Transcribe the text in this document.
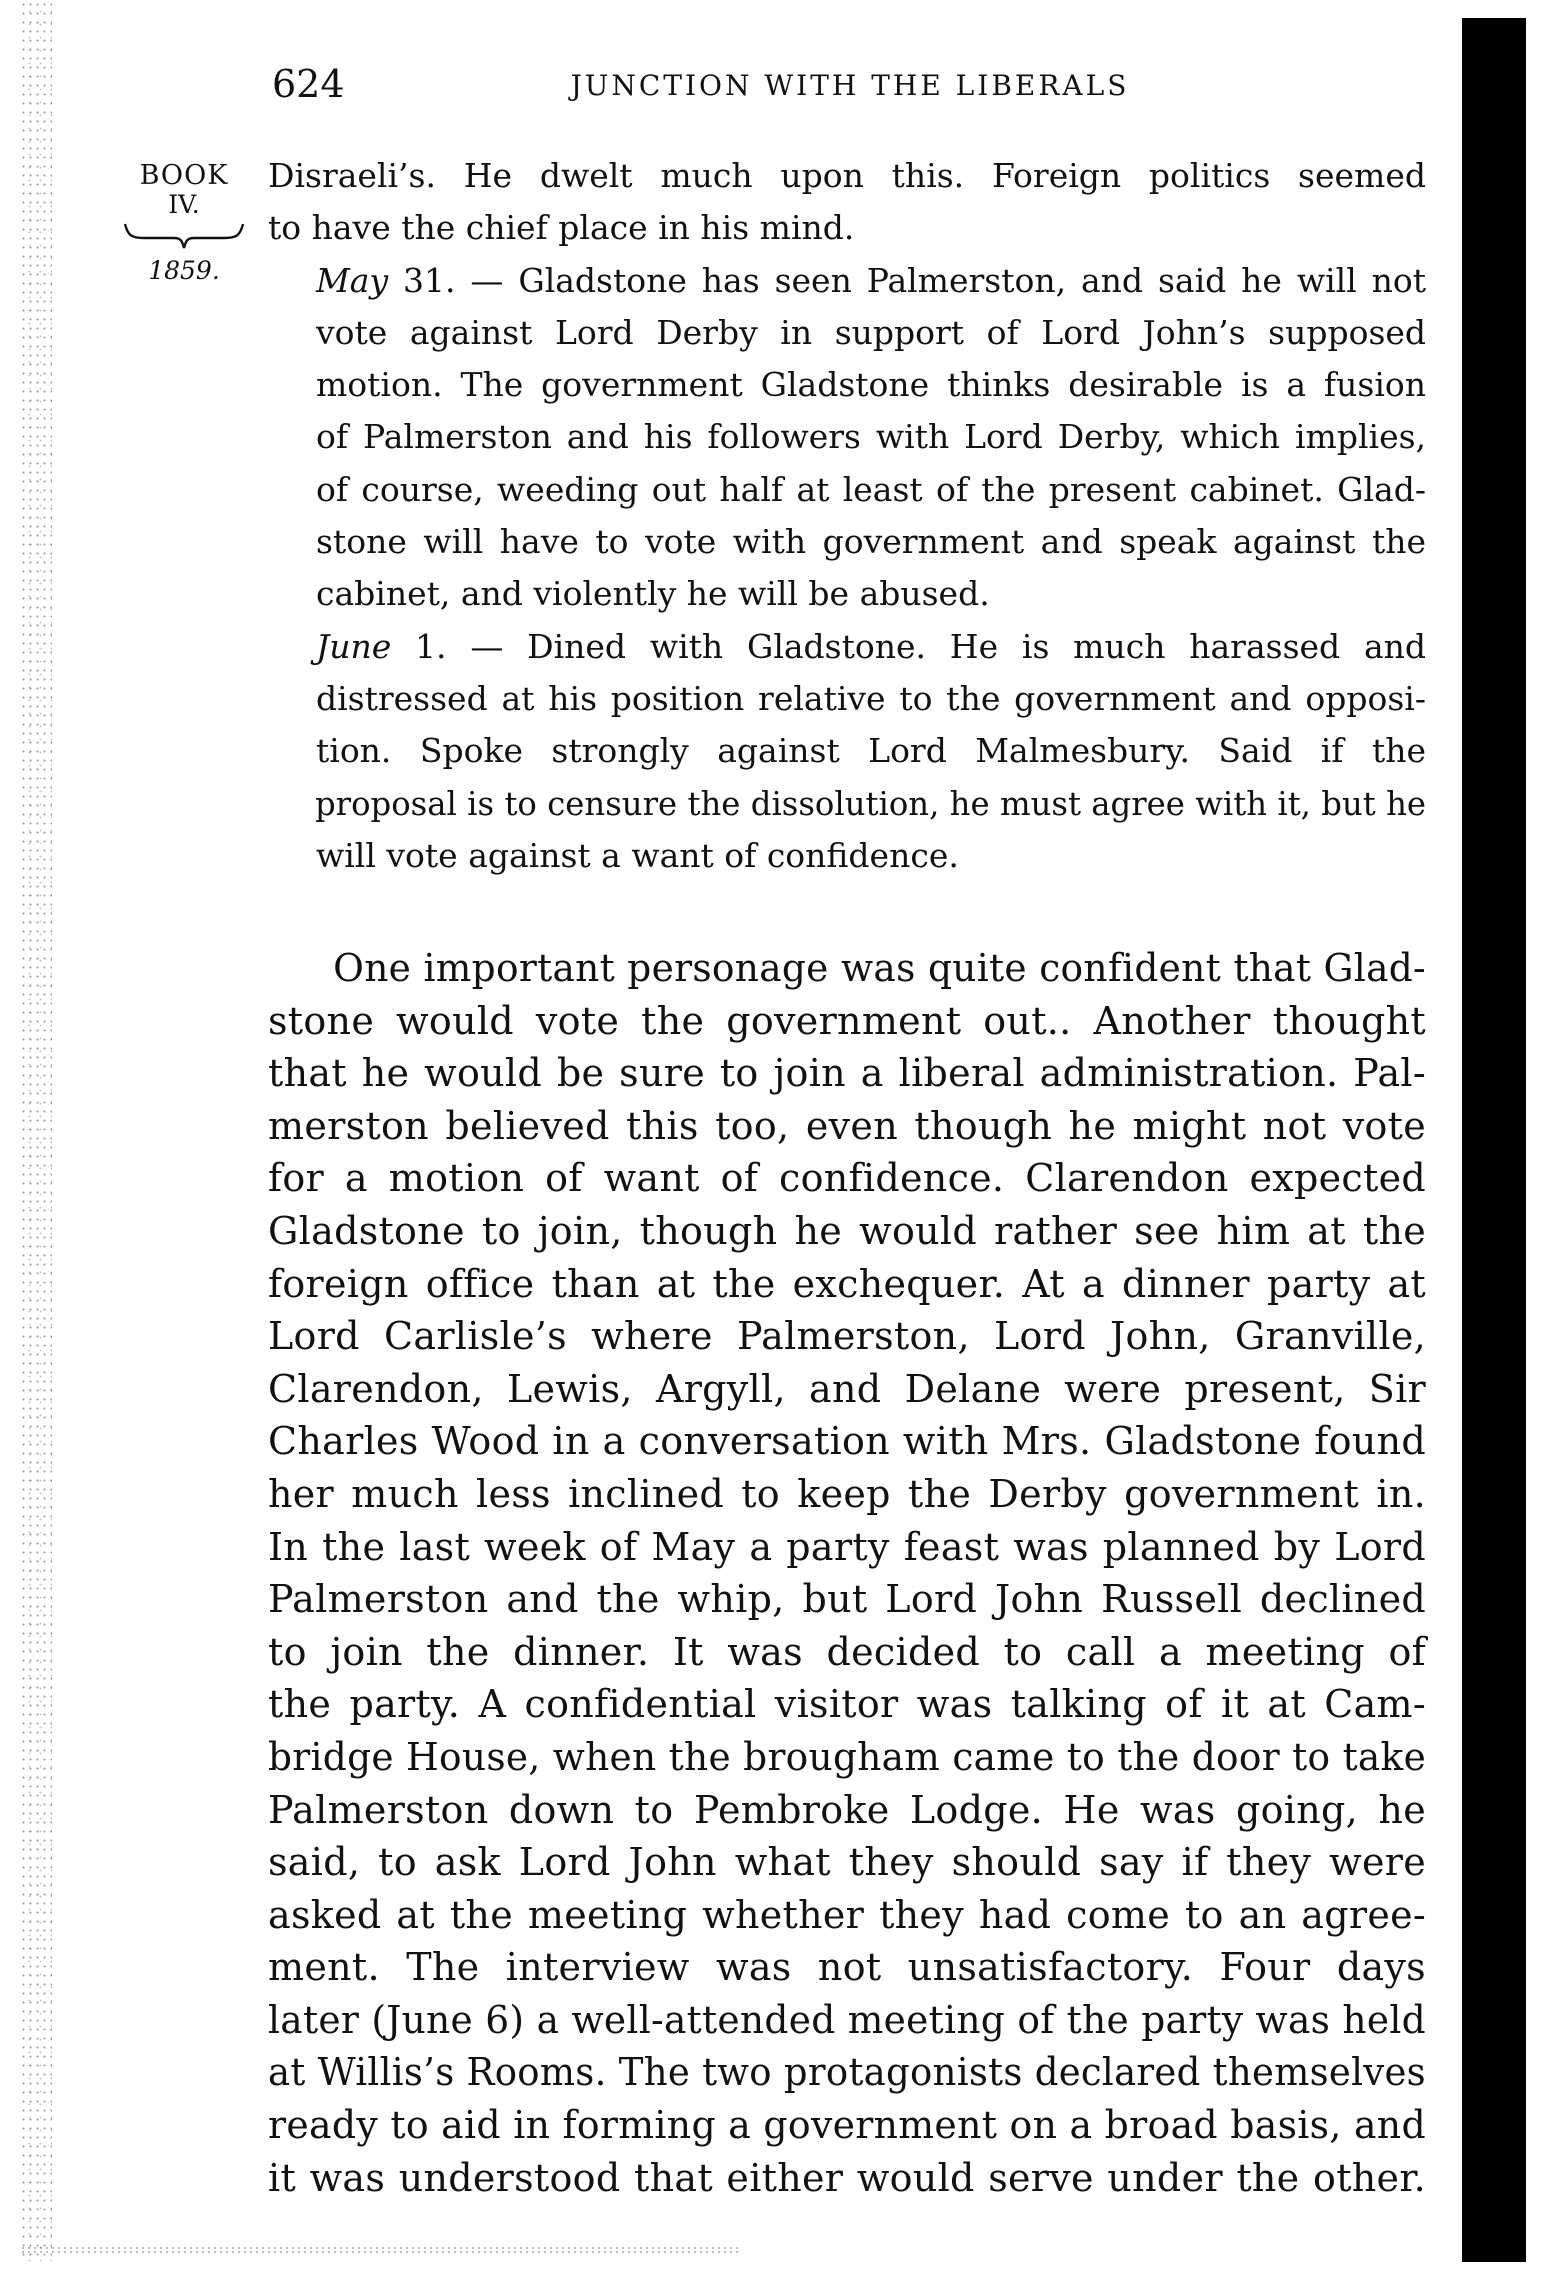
624	JUNCTION WITH THE LIBERALS
BOOK
IV.
1859.

Disraeli’s. He dwelt much upon this. Foreign politics seemed
to have the chief place in his mind.

May 31. — Gladstone has seen Palmerston, and said he will not
vote against Lord Derby in support of Lord John’s supposed
motion. The government Gladstone thinks desirable is a fusion
of Palmerston and his followers with Lord Derby, which implies,
of course, weeding out half at least of the present cabinet. Glad-
stone will have to vote with government and speak against the
cabinet, and violently he will be abused.

June 1. — Dined with Gladstone. He is much harassed and
distressed at his position relative to the government and opposi-
tion. Spoke strongly against Lord Malmesbury. Said if the
proposal is to censure the dissolution, he must agree with it, but he
will vote against a want of confidence.

One important personage was quite confident that Glad-
stone would vote the government out.. Another thought
that he would be sure to join a liberal administration. Pal-
merston believed this too, even though he might not vote
for a motion of want of confidence. Clarendon expected
Gladstone to join, though he would rather see him at the
foreign office than at the exchequer. At a dinner party at
Lord Carlisle’s where Palmerston, Lord John, Granville,
Clarendon, Lewis, Argyll, and Delane were present, Sir
Charles Wood in a conversation with Mrs. Gladstone found
her much less inclined to keep the Derby government in.
In the last week of May a party feast was planned by Lord
Palmerston and the whip, but Lord John Russell declined
to join the dinner. It was decided to call a meeting of
the party. A confidential visitor was talking of it at Cam-
bridge House, when the brougham came to the door to take
Palmerston down to Pembroke Lodge. He was going, he
said, to ask Lord John what they should say if they were
asked at the meeting whether they had come to an agree-
ment. The interview was not unsatisfactory. Four days
later (June 6) a well-attended meeting of the party was held
at Willis’s Rooms. The two protagonists declared themselves
ready to aid in forming a government on a broad basis, and
it was understood that either would serve under the other.
